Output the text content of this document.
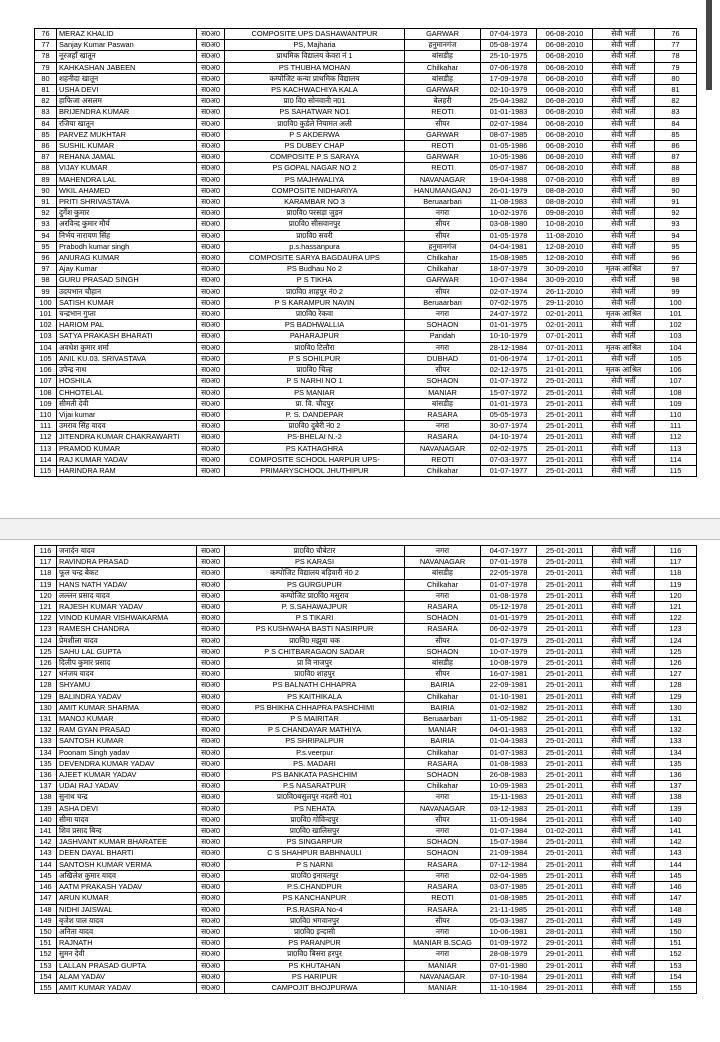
76	MERAZ KHALID	स0अ0	COMPOSITE UPS DASHAWANTPUR	GARWAR	07-04-1973	06-08-2010	सेवी भर्ती	76
77	Sanjay Kumar Paswan	स0अ0	PS, Majharia	हनुमानगंज	05-08-1974	06-08-2010	सेवी भर्ती	77
78	नूरजहाँ खातून	स0अ0	प्राथमिक विद्यालय केवरा नं 1	बांसडीह	25-10-1975	06-08-2010	सेवी भर्ती	78
79	KAHKASHAN JABEEN	स0अ0	PS THUBHA MOHAN	Chilkahar	07-06-1978	06-08-2010	सेवी भर्ती	79
80	शहनीदा खातून	स0अ0	कम्पोजिट कन्या प्राथमिक विद्यालय	बांसडीह	17-09-1978	06-08-2010	सेवी भर्ती	80
81	USHA DEVI	स0अ0	PS KACHWACHIYA KALA	GARWAR	02-10-1979	06-08-2010	सेवी भर्ती	81
82	हाफिजा असलम	स0अ0	प्रा0 वि0 सोनवानी न01	बेलहरी	25-04-1982	06-08-2010	सेवी भर्ती	82
83	BRIJENDRA KUMAR	स0अ0	PS SAHATWAR NO1	REOTI	01-01-1983	06-08-2010	सेवी भर्ती	83
84	रजिया खातून	स0अ0	प्रा0वि0 कुर्डले नियामत अली	सीयर	02-07-1984	06-08-2010	सेवी भर्ती	84
85	PARVEZ MUKHTAR	स0अ0	P S AKDERWA	GARWAR	08-07-1985	06-08-2010	सेवी भर्ती	85
86	SUSHIL KUMAR	स0अ0	PS DUBEY CHAP	REOTI	01-05-1986	06-08-2010	सेवी भर्ती	86
87	REHANA JAMAL	स0अ0	COMPOSITE P S SARAYA	GARWAR	10-05-1986	06-08-2010	सेवी भर्ती	87
88	VIJAY KUMAR	स0अ0	PS GOPAL NAGAR NO 2	REOTI	05-07-1987	06-08-2010	सेवी भर्ती	88
89	MAHENDRA LAL	स0अ0	PS MAJHWALIYA	NAVANAGAR	19-04-1988	07-08-2010	सेवी भर्ती	89
90	WKIL AHAMED	स0अ0	COMPOSITE NIDHARIYA	HANUMANGANJ	26-01-1979	08-08-2010	सेवी भर्ती	90
91	PRITI SHRIVASTAVA	स0अ0	KARAMBAR NO 3	Beruaarbari	11-08-1983	08-08-2010	सेवी भर्ती	91
92	दुर्गेश कुमार	स0अ0	प्रा0वि0 परसड़ा जुड़न	नगरा	10-02-1976	09-08-2010	सेवी भर्ती	92
93	अरविन्द कुमार मौर्य	स0अ0	प्रा0वि0 सीसवानपुर	सीयर	03-08-1980	10-08-2010	सेवी भर्ती	93
94	निर्भय नारायण सिंह	स0अ0	प्रा0वि0 सवरी	सीयर	01-05-1978	11-08-2010	सेवी भर्ती	94
95	Prabodh kumar singh	स0अ0	p.s.hassanpura	हनुमानगंज	04-04-1981	12-08-2010	सेवी भर्ती	95
96	ANURAG KUMAR	स0अ0	COMPOSITE SARYA BAGDAURA UPS	Chilkahar	15-08-1985	12-08-2010	सेवी भर्ती	96
97	Ajay Kumar	स0अ0	PS Budhau No 2	Chilkahar	18-07-1979	30-09-2010	मृतक आश्रित	97
98	GURU PRASAD SINGH	स0अ0	P S TIKHA	GARWAR	10-07-1984	30-09-2010	सेवी भर्ती	98
99	उदयभान चौहान	स0अ0	प्रा0वि0 शाहपुर नं0 2	सीयर	02-07-1974	26-11-2010	सेवी भर्ती	99
100	SATISH KUMAR	स0अ0	P S KARAMPUR NAVIN	Beruaarbari	07-02-1975	29-11-2010	सेवी भर्ती	100
101	चन्द्रभान गुप्ता	स0अ0	प्रा0वि0 रेकवा	नगरा	24-07-1972	02-01-2011	मृतक आश्रित	101
102	HARIOM PAL	स0अ0	PS BADHWALLIA	SOHAON	01-01-1975	02-01-2011	सेवी भर्ती	102
103	SATYA PRAKASH BHARATI	स0अ0	PAHARAJPUR	Pandah	10-10-1979	07-01-2011	सेवी भर्ती	103
104	अवधेश कुमार शर्मा	स0अ0	प्रा0वि0 टिलौरा	नगरा	28-12-1984	07-01-2011	मृतक आश्रित	104
105	ANIL KU.03. SRIVASTAVA	स0अ0	P S SOHILPUR	DUBHAD	01-06-1974	17-01-2011	सेवी भर्ती	105
106	उपेन्द्र नाथ	स0अ0	प्रा0वि0 चिल्ह	सीयर	02-12-1975	21-01-2011	मृतक आश्रित	106
107	HOSHILA	स0अ0	P S NARHI NO 1	SOHAON	01-07-1972	25-01-2011	सेवी भर्ती	107
108	CHHOTELAL	स0अ0	PS MANIAR	MANIAR	15-07-1972	25-01-2011	सेवी भर्ती	108
109	सीमती देवी	स0अ0	प्रा. वि. चौदपुर	बांसडीह	01-01-1973	25-01-2011	सेवी भर्ती	109
110	Vijai kumar	स0अ0	P. S. DANDEPAR	RASARA	05-05-1973	25-01-2011	सेवी भर्ती	110
111	उमराव सिंह यादव	स0अ0	प्रा0वि0 दुबेरी नं0 2	नगरा	30-07-1974	25-01-2011	सेवी भर्ती	111
112	JITENDRA KUMAR CHAKRAWARTI	स0अ0	PS-BHELAI N.-2	RASARA	04-10-1974	25-01-2011	सेवी भर्ती	112
113	PRAMOD KUMAR	स0अ0	PS KATHAGHRA	NAVANAGAR	02-02-1975	25-01-2011	सेवी भर्ती	113
114	RAJ KUMAR YADAV	स0अ0	COMPOSITE SCHOOL HARPUR UPS-	REOTI	07-03-1977	25-01-2011	सेवी भर्ती	114
115	HARINDRA RAM	स0अ0	PRIMARYSCHOOL JHUTHIPUR	Chilkahar	01-07-1977	25-01-2011	सेवी भर्ती	115
116	जनार्दन यादव	स0अ0	प्रा0वि0 चौबेटार	नगरा	04-07-1977	25-01-2011	सेवी भर्ती	116
117	RAVINDRA PRASAD	स0अ0	PS KARASI	NAVANAGAR	07-01-1978	25-01-2011	सेवी भर्ती	117
118	फूल चन्द्र बेकट	स0अ0	कम्पोजिट विद्यालय बड़िवारी नं0 2	बांसडीह	22-05-1978	25-01-2011	सेवी भर्ती	118
119	HANS NATH YADAV	स0अ0	PS GURGUPUR	Chilkahar	01-07-1978	25-01-2011	सेवी भर्ती	119
120	लल्लन प्रसाद यादव	स0अ0	कम्पोजिट प्रा0वि0 मसुराव	नगरा	01-08-1978	25-01-2011	सेवी भर्ती	120
121	RAJESH KUMAR YADAV	स0अ0	P. S.SAHAWAJPUR	RASARA	05-12-1978	25-01-2011	सेवी भर्ती	121
122	VINOD KUMAR VISHWAKARMA	स0अ0	P S TIKARI	SOHAON	01-01-1979	25-01-2011	सेवी भर्ती	122
123	RAMESH CHANDRA	स0अ0	PS KUSHWAHA BASTI NASIRPUR	RASARA	06-02-1979	25-01-2011	सेवी भर्ती	123
124	प्रेमशीला यादव	स0अ0	प्रा0वि0 मझुवा चक	सीयर	01-07-1979	25-01-2011	सेवी भर्ती	124
125	SAHU LAL GUPTA	स0अ0	P S CHITBARAGAON SADAR	SOHAON	10-07-1979	25-01-2011	सेवी भर्ती	125
126	दिलीप कुमार प्रसाद	स0अ0	प्रा वि नाजपुर	बांसडीह	10-08-1979	25-01-2011	सेवी भर्ती	126
127	धनंजय यादव	स0अ0	प्रा0वि0 शाहपुर	सीयर	16-07-1981	25-01-2011	सेवी भर्ती	127
128	SHYAMU	स0अ0	PS BALNATH CHHAPRA	BAIRIA	22-09-1981	25-01-2011	सेवी भर्ती	128
129	BALINDRA YADAV	स0अ0	PS KAITHIKALA	Chilkahar	01-10-1981	25-01-2011	सेवी भर्ती	129
130	AMIT KUMAR SHARMA	स0अ0	PS BHIKHA CHHAPRA PASHCHIMI	BAIRIA	01-02-1982	25-01-2011	सेवी भर्ती	130
131	MANOJ KUMAR	स0अ0	P S MAIRITAR	Beruaarbari	11-05-1982	25-01-2011	सेवी भर्ती	131
132	RAM GYAN PRASAD	स0अ0	P S CHANDAYAR MATHIYA	MANIAR	04-01-1983	25-01-2011	सेवी भर्ती	132
133	SANTOSH KUMAR	स0अ0	PS SHRIPALPUR	BAIRIA	01-04-1983	25-01-2011	सेवी भर्ती	133
134	Poonam Singh yadav	स0अ0	P.s.veerpur	Chilkahar	01-07-1983	25-01-2011	सेवी भर्ती	134
135	DEVENDRA KUMAR YADAV	स0अ0	PS. MADARI	RASARA	01-08-1983	25-01-2011	सेवी भर्ती	135
136	AJEET KUMAR YADAV	स0अ0	PS BANKATA PASHCHIM	SOHAON	26-08-1983	25-01-2011	सेवी भर्ती	136
137	UDAI RAJ YADAV	स0अ0	P.S NASARATPUR	Chilkahar	10-09-1983	25-01-2011	सेवी भर्ती	137
138	सुनाथ चन्द्र	स0अ0	प्रा0वि0बसुलपुर नदतरी नं01	नगरा	15-11-1983	25-01-2011	सेवी भर्ती	138
139	ASHA DEVI	स0अ0	PS NEHATA	NAVANAGAR	03-12-1983	25-01-2011	सेवी भर्ती	139
140	सीमा यादव	स0अ0	प्रा0वि0 गोविन्दपुर	सीयर	11-05-1984	25-01-2011	सेवी भर्ती	140
141	शिव प्रसाद बिन्द	स0अ0	प्रा0वि0 खालिसपुर	नगरा	01-07-1984	01-02-2011	सेवी भर्ती	141
142	JASHVANT KUMAR BHARATEE	स0अ0	PS SINGARPUR	SOHAON	15-07-1984	25-01-2011	सेवी भर्ती	142
143	DEEN DAYAL BHARTI	स0अ0	C S SHAHPUR BABHNAULI	SOHAON	21-09-1984	25-01-2011	सेवी भर्ती	143
144	SANTOSH KUMAR VERMA	स0अ0	P S NARNI	RASARA	07-12-1984	25-01-2011	सेवी भर्ती	144
145	अखिलेश कुमार यादव	स0अ0	प्रा0वि0 इनायतपुर	नगरा	02-04-1985	25-01-2011	सेवी भर्ती	145
146	AATM PRAKASH YADAV	स0अ0	P.S.CHANDPUR	RASARA	03-07-1985	25-01-2011	सेवी भर्ती	146
147	ARUN KUMAR	स0अ0	PS KANCHANPUR	REOTI	01-08-1985	25-01-2011	सेवी भर्ती	147
148	NIDHI JAISWAL	स0अ0	P.S.RASRA No-4	RASARA	21-11-1985	25-01-2011	सेवी भर्ती	148
149	बृजेश पाल यादव	स0अ0	प्रा0वि0 भगवानपुर	सीयर	05-03-1987	25-01-2011	सेवी भर्ती	149
150	अनिता यादव	स0अ0	प्रा0वि0 इन्दासी	नगरा	10-06-1981	28-01-2011	सेवी भर्ती	150
151	RAJNATH	स0अ0	PS PARANPUR	MANIAR B.SCAG	01-09-1972	29-01-2011	सेवी भर्ती	151
152	सुमन देवी	स0अ0	प्रा0वि0 बिसरा हरपुर	नगरा	28-08-1979	29-01-2011	सेवी भर्ती	152
153	LALLAN PRASAD GUPTA	स0अ0	PS KHUTAHAN	MANIAR	07-01-1980	29-01-2011	सेवी भर्ती	153
154	ALAM YADAV	स0अ0	PS HARIPUR	NAVANAGAR	07-10-1984	29-01-2011	सेवी भर्ती	154
155	AMIT KUMAR YADAV	स0अ0	CAMPOJIT BHOJPURWA	MANIAR	11-10-1984	29-01-2011	सेवी भर्ती	155
